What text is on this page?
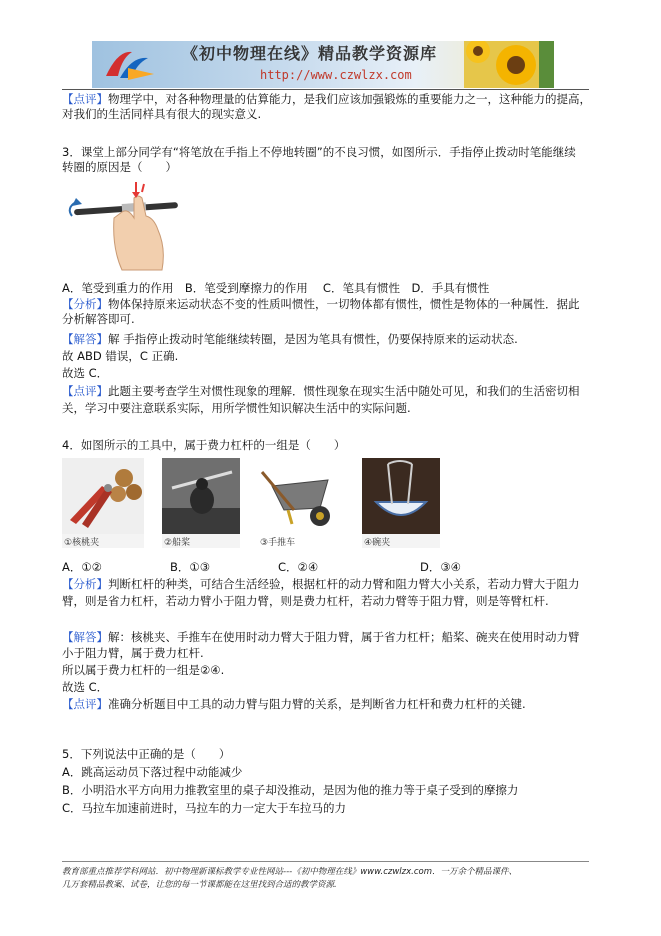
《初中物理在线》精品教学资源库
http://www.czwlzx.com
【点评】物理学中，对各种物理量的估算能力，是我们应该加强锻炼的重要能力之一，这种能力的提高，
对我们的生活同样具有很大的现实意义.
3．课堂上部分同学有“将笔放在手指上不停地转圈”的不良习惯，如图所示．手指停止拨动时笔能继续
转圈的原因是（　　）
A．笔受到重力的作用　B．笔受到摩擦力的作用　 C．笔具有惯性　D．手具有惯性
【分析】物体保持原来运动状态不变的性质叫惯性，一切物体都有惯性，惯性是物体的一种属性．据此
分析解答即可.
【解答】解 手指停止拨动时笔能继续转圈，是因为笔具有惯性，仍要保持原来的运动状态.
故 ABD 错误，C 正确.
故选 C．
【点评】此题主要考查学生对惯性现象的理解．惯性现象在现实生活中随处可见，和我们的生活密切相
关，学习中要注意联系实际，用所学惯性知识解决生活中的实际问题.
4．如图所示的工具中，属于费力杠杆的一组是（　　）
①核桃夹	②船桨	③手推车	④碗夹
A．①②	B．①③	C．②④	D．③④
【分析】判断杠杆的种类，可结合生活经验，根据杠杆的动力臂和阻力臂大小关系，若动力臂大于阻力
臂，则是省力杠杆，若动力臂小于阻力臂，则是费力杠杆，若动力臂等于阻力臂，则是等臂杠杆.
【解答】解：核桃夹、手推车在使用时动力臂大于阻力臂，属于省力杠杆；船桨、碗夹在使用时动力臂
小于阻力臂，属于费力杠杆.
所以属于费力杠杆的一组是②④.
故选 C．
【点评】准确分析题目中工具的动力臂与阻力臂的关系，是判断省力杠杆和费力杠杆的关键.
5．下列说法中正确的是（　　）
A．跳高运动员下落过程中动能减少
B．小明沿水平方向用力推教室里的桌子却没推动，是因为他的推力等于桌子受到的摩擦力
C．马拉车加速前进时，马拉车的力一定大于车拉马的力
教育部重点推荐学科网站．初中物理新课标教学专业性网站---《初中物理在线》www.czwlzx.com．一万余个精品课件、
几万套精品教案、试卷，让您的每一节课都能在这里找到合适的教学资源.
